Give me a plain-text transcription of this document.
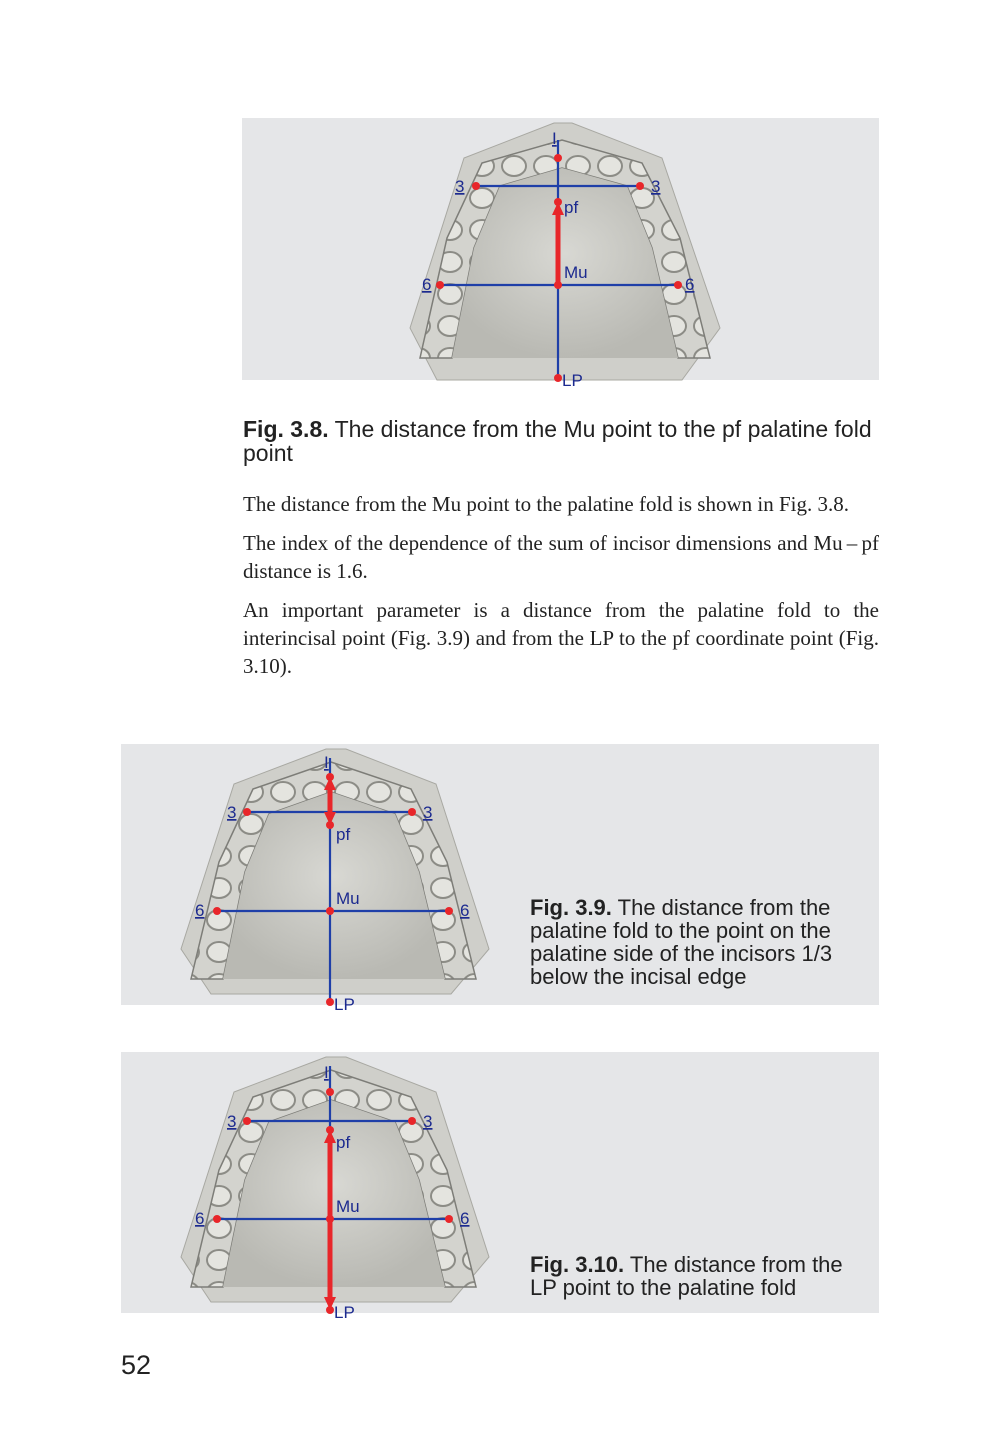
I
3	3
pf
Mu
6	6
LP
Fig. 3.8. The distance from the Mu point to the pf palatine fold point

The distance from the Mu point to the palatine fold is shown in Fig. 3.8.

The index of the dependence of the sum of incisor dimensions and Mu – pf distance is 1.6.

An important parameter is a distance from the palatine fold to the interincisal point (Fig. 3.9) and from the LP to the pf coordinate point (Fig. 3.10).

I
3	3
pf
Mu
6	6
LP
Fig. 3.9. The distance from the palatine fold to the point on the palatine side of the incisors 1/3 below the incisal edge
I
3	3
pf
Mu
6	6
LP
Fig. 3.10. The distance from the LP point to the palatine fold
52
